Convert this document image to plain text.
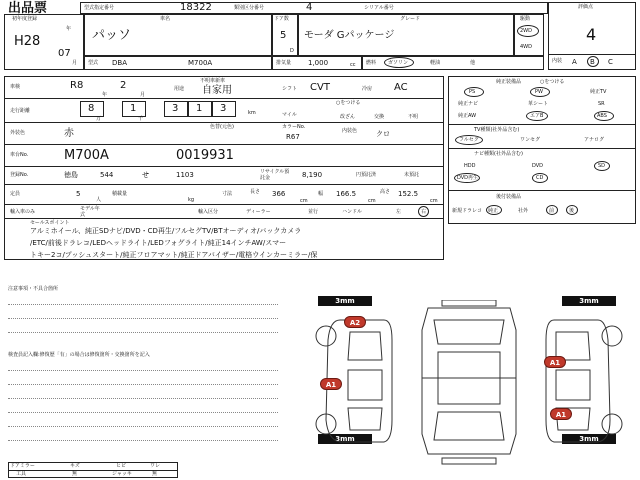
出品票	型式指定番号	18322	類別区分番号	4	シリアル番号
初年度登録
H28
年
07
月
車名
パッソ
ドア数
5
D
グレード
モーダ Gパッケージ
駆動
2WD
4WD
評価点
4
内装 A B C
型式 DBA	M700A	排気量 1,000	cc 燃料 ガソリン	軽油	他
車検	R8
年
2
月
用途
不明車新車
自家用	シフト CVT	冷房 AC
走行距離	8
万
1
千
3 1 3	km
○をつける
マイル	改ざん	交換	不明
外装色	赤
色替(元色)	カラーNo.
R67
内装色	クロ
車台No.	M700A	0019931
登録No.	徳島	544	せ	1103	リサイクル預託金	8,190	円預託済	未預託
定員	5
人
積載量
kg
寸法	長さ 366
cm
幅 166.5
cm
高さ 152.5
cm
輸入車のみ	モデル年式	輸入区分	ディーラー	並行	ハンドル	左	右
セールスポイント
アルミホイール、純正SDナビ/DVD・CD再生/フルセグTV/BTオーディオ/バックカメラ
/ETC/前後ドラレコ/LEDヘッドライト/LEDフォグライト/純正14インチAW/スマー
トキー2コ/プッシュスタート/純正フロアマット/純正ドアバイザー/電格ウインカーミラー/保
純正装備品	○をつける
PS	PW	純正TV
純正ナビ	革シート	SR
純正AW	エアB	ABS
TV種類(社外品含む)
フルセグ	ワンセグ	アナログ
ナビ種類(社外品含む)
HDD	DVD	SD
DVD再生	CD
後付装備品
新規ドラレコ 純正	社外	前	後
注意事項・不具合箇所
検査員記入欄:修復歴「有」の場合は修復箇所・交換箇所を記入
ドアミラー	キズ	ヒビ	ワレ
工具	無	ジャッキ	無
3mm	3mm
3mm	3mm
A2
A1
A1
A1
